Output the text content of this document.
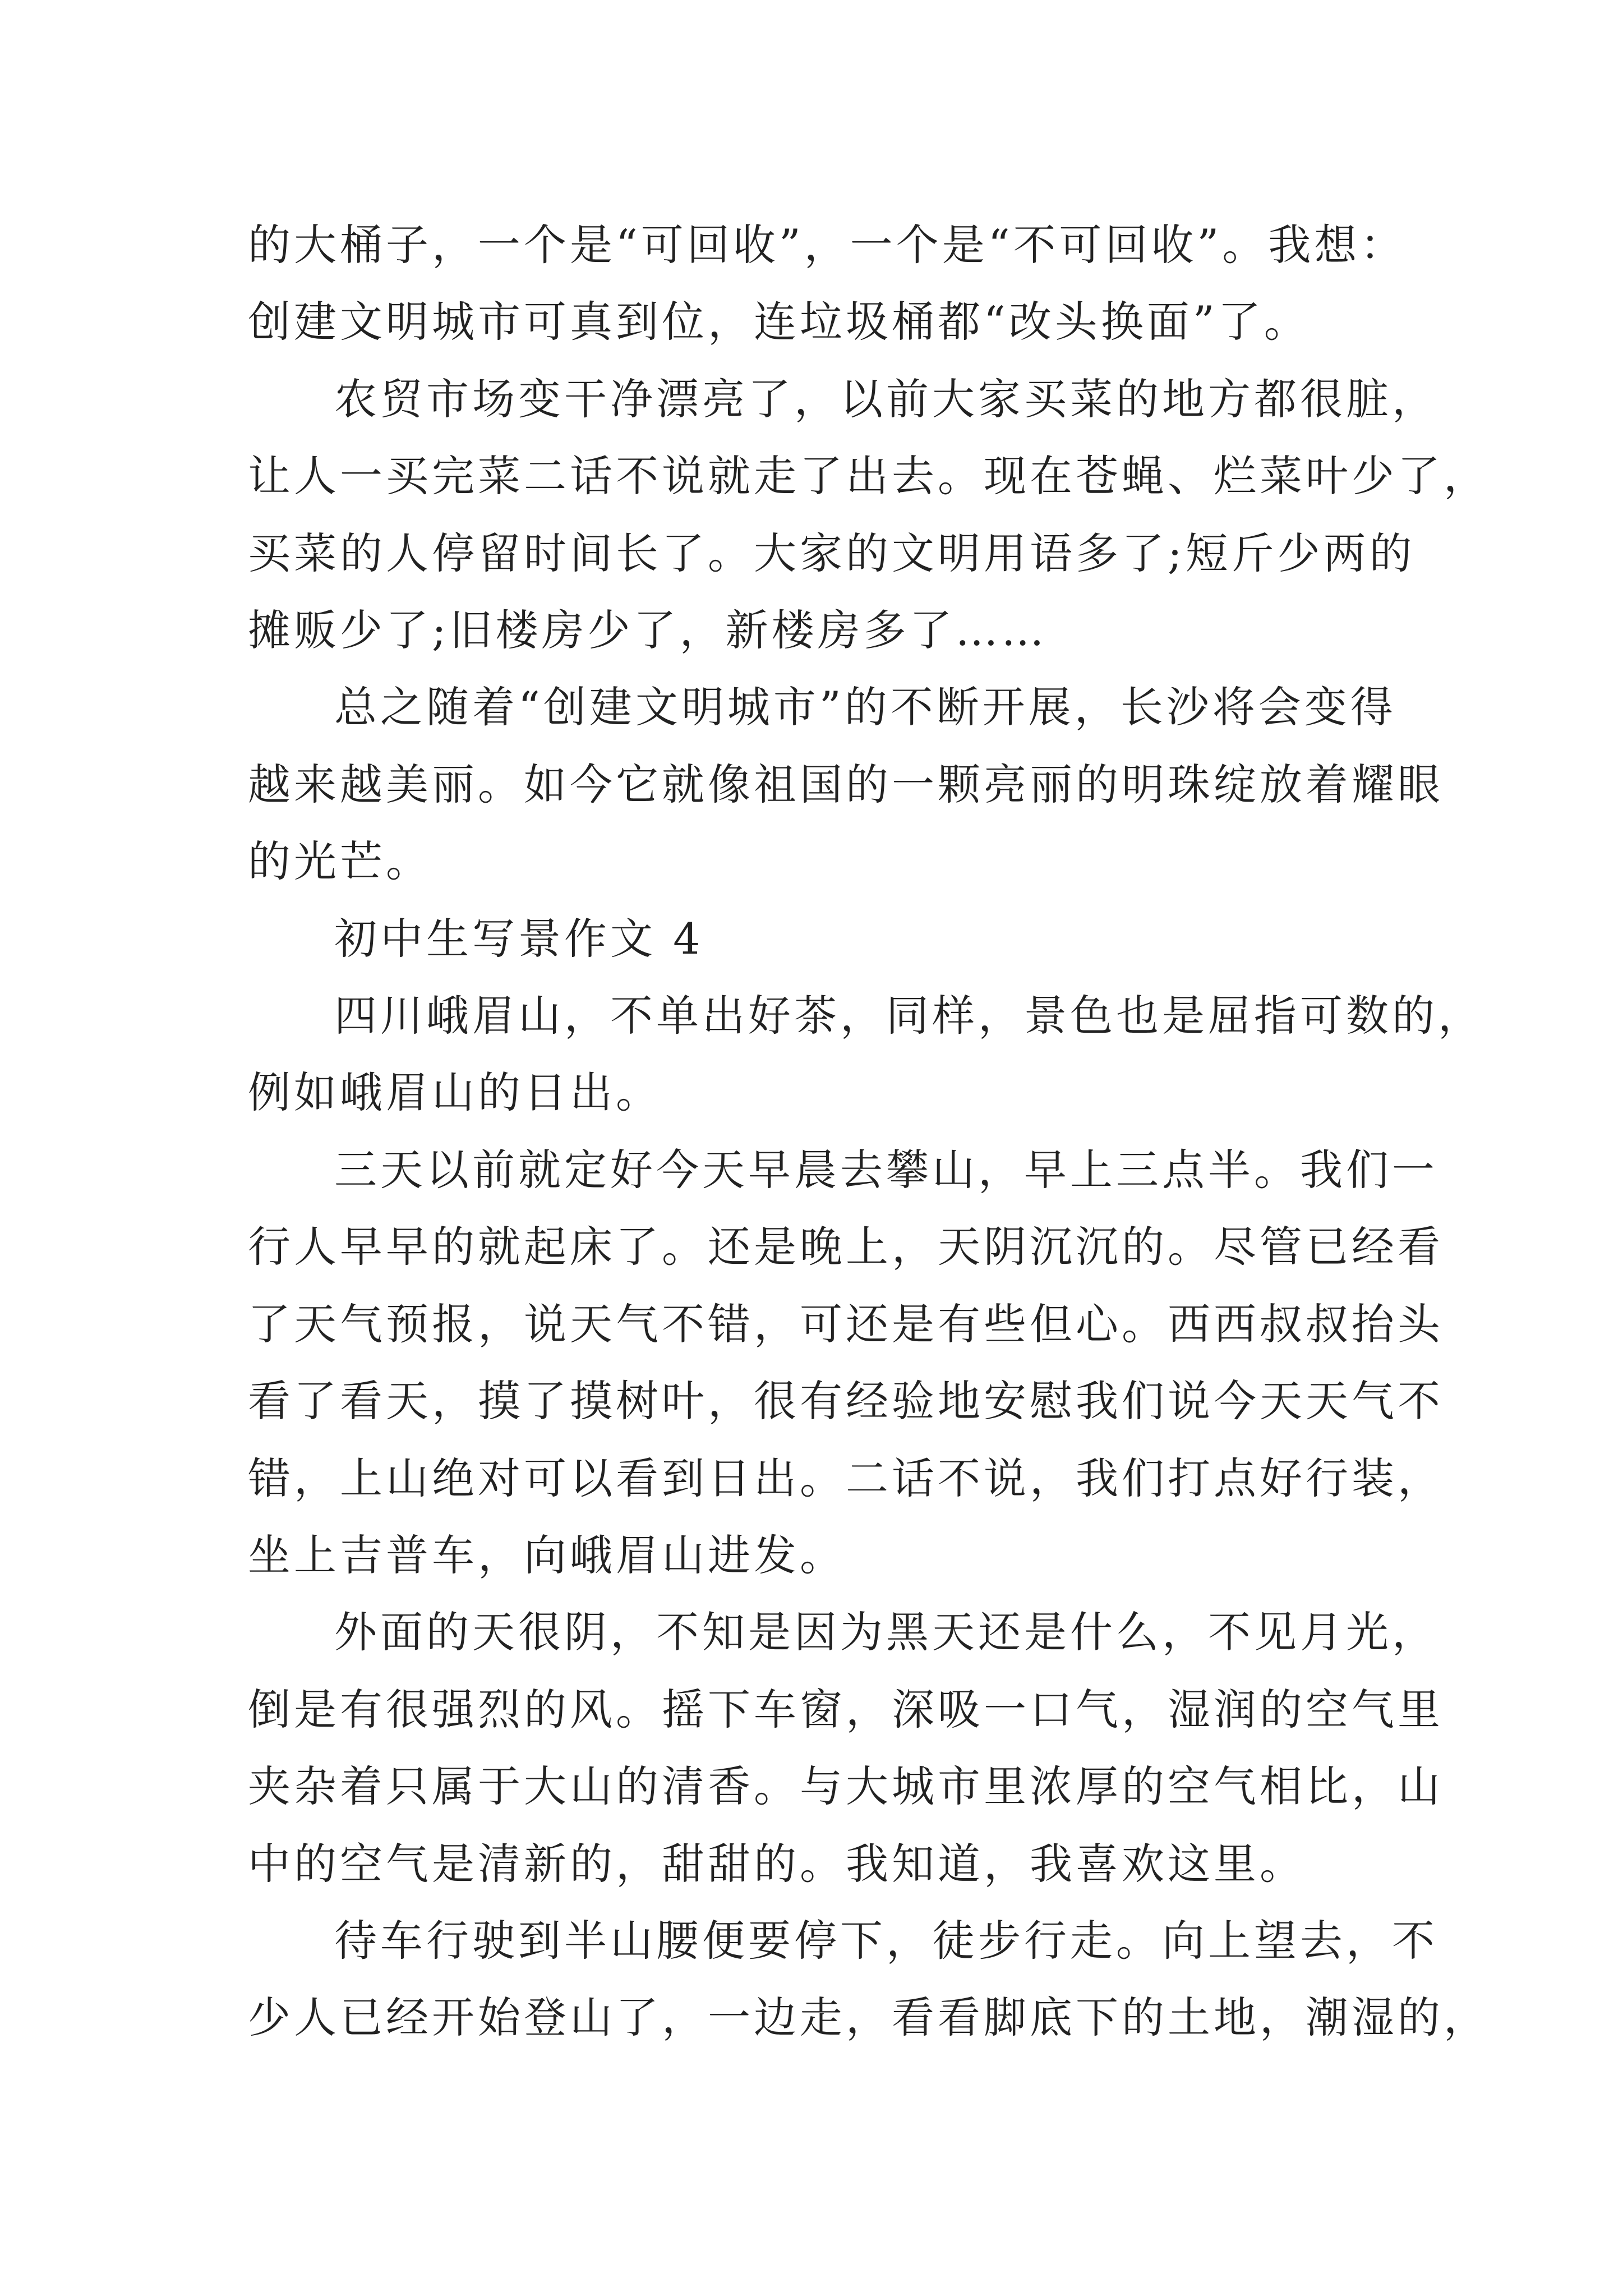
的大桶子，一个是“可回收”，一个是“不可回收”。我想：
创建文明城市可真到位，连垃圾桶都“改头换面”了。
农贸市场变干净漂亮了，以前大家买菜的地方都很脏，
让人一买完菜二话不说就走了出去。现在苍蝇、烂菜叶少了，
买菜的人停留时间长了。大家的文明用语多了;短斤少两的
摊贩少了;旧楼房少了，新楼房多了……
总之随着“创建文明城市”的不断开展，长沙将会变得
越来越美丽。如今它就像祖国的一颗亮丽的明珠绽放着耀眼
的光芒。
初中生写景作文 4
四川峨眉山，不单出好茶，同样，景色也是屈指可数的，
例如峨眉山的日出。
三天以前就定好今天早晨去攀山，早上三点半。我们一
行人早早的就起床了。还是晚上，天阴沉沉的。尽管已经看
了天气预报，说天气不错，可还是有些但心。西西叔叔抬头
看了看天，摸了摸树叶，很有经验地安慰我们说今天天气不
错，上山绝对可以看到日出。二话不说，我们打点好行装，
坐上吉普车，向峨眉山进发。
外面的天很阴，不知是因为黑天还是什么，不见月光，
倒是有很强烈的风。摇下车窗，深吸一口气，湿润的空气里
夹杂着只属于大山的清香。与大城市里浓厚的空气相比，山
中的空气是清新的，甜甜的。我知道，我喜欢这里。
待车行驶到半山腰便要停下，徒步行走。向上望去，不
少人已经开始登山了，一边走，看看脚底下的土地，潮湿的，
